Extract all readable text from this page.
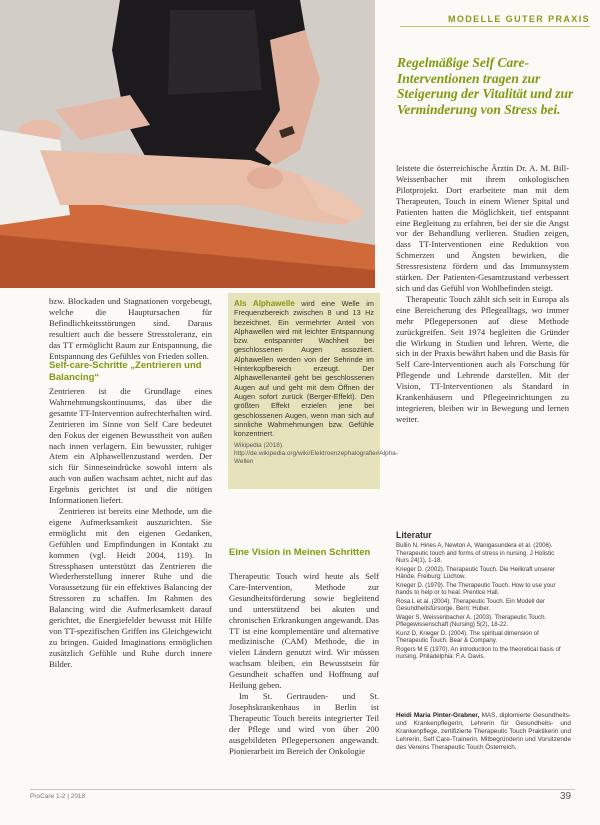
MODELLE GUTER PRAXIS
Regelmäßige Self Care-Interventionen tragen zur Steigerung der Vitalität und zur Verminderung von Stress bei.

bzw. Blockaden und Stagnationen vorgebeugt, welche die Hauptursachen für Befindlichkeitsstörungen sind. Daraus resultiert auch die bessere Stresstoleranz, ein das TT ermöglicht Raum zur Entspannung, die Entspannung des Gefühles von Frieden sollen.

Self-care-Schritte „Zentrieren und Balancing“

Zentrieren ist die Grundlage eines Wahrnehmungskontinuums, das über die gesamte TT-Intervention aufrechterhalten wird. Zentrieren im Sinne von Self Care bedeutet den Fokus der eigenen Bewusstheit von außen nach innen verlagern. Ein bewusster, ruhiger Atem ein Alphawellenzustand werden. Der sich für Sinneseindrücke sowohl intern als auch von außen wachsam achtet, nicht auf das Ergebnis gerichtet ist und die nötigen Informationen liefert.

Zentrieren ist bereits eine Methode, um die eigene Aufmerksamkeit auszurichten. Sie ermöglicht mit den eigenen Gedanken, Gefühlen und Empfindungen in Kontakt zu kommen (vgl. Heidt 2004, 119). In Stressphasen unterstützt das Zentrieren die Wiederherstellung innerer Ruhe und die Voraussetzung für ein effektives Balancing der Stressoren zu schaffen. Im Rahmen des Balancing wird die Aufmerksamkeit darauf gerichtet, die Energiefelder bewusst mit Hilfe von TT-spezifischen Griffen ins Gleichgewicht zu bringen. Guided Imaginations ermöglichen zusätzlich Gefühle und Ruhe durch innere Bilder.

Als Alphawelle wird eine Welle im Frequenzbereich zwischen 8 und 13 Hz bezeichnet. Ein vermehrter Anteil von Alphawellen wird mit leichter Entspannung bzw. entspannter Wachheit bei geschlossenen Augen assoziiert. Alphawellen werden von der Sehrinde im Hinterkopfbereich erzeugt. Der Alphawellenanteil geht bei geschlossenen Augen auf und geht mit dem Öffnen der Augen sofort zurück (Berger-Effekt). Den größten Effekt erzielen jene bei geschlossenen Augen, wenn man sich auf sinnliche Wahrnehmungen bzw. Gefühle konzentriert.
Wikipedia (2018). http://de.wikipedia.org/wiki/Elektroenzephalografie#Alpha-Wellen
Eine Vision in Meinen Schritten

Therapeutic Touch wird heute als Self Care-Intervention, Methode zur Gesundheitsförderung sowie begleitend und unterstützend bei akuten und chronischen Erkrankungen angewandt. Das TT ist eine komplementäre und alternative medizinische (CAM) Methode, die in vielen Ländern genutzt wird. Wir müssen wachsam bleiben, ein Bewusstsein für Gesundheit schaffen und Hoffnung auf Heilung geben.

Im St. Gertrauden- und St. Josephskrankenhaus in Berlin ist Therapeutic Touch bereits integrierter Teil der Pflege und wird von über 200 ausgebildeten Pflegepersonen angewandt. Pionierarbeit im Bereich der Onkologie

leistete die österreichische Ärztin Dr. A. M. Bill-Weissenbacher mit ihrem onkologischen Pilotprojekt. Dort erarbeitete man mit dem Therapeuten, Touch in einem Wiener Spital und Patienten hatten die Möglichkeit, tief entspannt eine Begleitung zu erfahren, bei der sie die Angst vor der Behandlung verlieren. Studien zeigen, dass TT-Interventionen eine Reduktion von Schmerzen und Ängsten bewirken, die Stressresistenz fördern und das Immunsystem stärken. Der Patienten-Gesamtzustand verbessert sich und das Gefühl von Wohlbefinden steigt.

Therapeutic Touch zählt sich seit in Europa als eine Bereicherung des Pflegealltags, wo immer mehr Pflegepersonen auf diese Methode zurückgreifen. Seit 1974 begleiten die Gründer die Wirkung in Studien und lehren. Werte, die sich in der Praxis bewährt haben und die Basis für Self Care-Interventionen auch als Forschung für Pflegende und Lehrende darstellen. Mit der Vision, TT-Interventionen als Standard in Krankenhäusern und Pflegeeinrichtungen zu integrieren, bleiben wir in Bewegung und lernen weiter.

Literatur
Bullin N, Hines A, Newton A, Wanigasundera et al. (2006). Therapeutic touch and forms of stress in nursing. J Holistic Nurs 24(1), 1-18.
Krieger D. (2002). Therapeutic Touch. Die Heilkraft unserer Hände. Freiburg: Lüchow.
Krieger D. (1979). The Therapeutic Touch. How to use your hands to help or to heal. Prentice Hall.
Rosa L et al. (2004). Therapeutic Touch. Ein Modell der Gesundheitsfürsorge. Bern: Huber.
Wager S, Weissenbacher A. (2003). Therapeutic Touch. Pflegewissenschaft (Nursing) 5(2), 18-22.
Kunz D, Krieger D. (2004). The spiritual dimension of Therapeutic Touch. Bear & Company.
Rogers M E (1970). An introduction to the theoretical basis of nursing. Philadelphia: F.A. Davis.
Heidi Maria Pinter-Grabner, MAS, diplomierte Gesundheits- und Krankenpflegerin, Lehrerin für Gesundheits- und Krankenpflege, zertifizierte Therapeutic Touch Praktikerin und Lehrerin, Self Care-Trainerin. Mitbegründerin und Vorsitzende des Vereins Therapeutic Touch Österreich.
ProCare 1-2 | 2018	39
